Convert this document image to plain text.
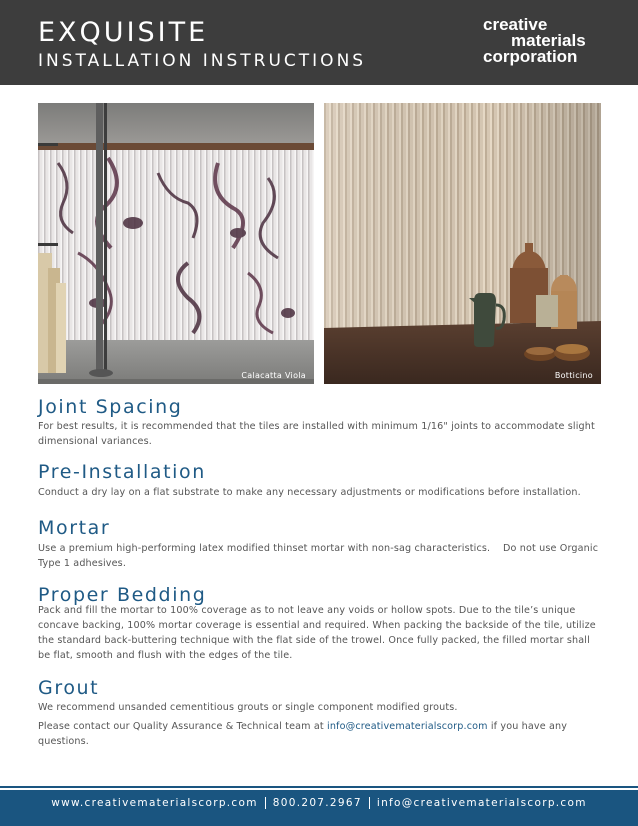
EXQUISITE
INSTALLATION INSTRUCTIONS
creative
materials
corporation
Calacatta Viola	Botticino
Joint Spacing

For best results, it is recommended that the tiles are installed with minimum 1/16" joints to accommodate slight dimensional variances.

Pre-Installation

Conduct a dry lay on a flat substrate to make any necessary adjustments or modifications before installation.

Mortar

Use a premium high-performing latex modified thinset mortar with non-sag characteristics.    Do not use Organic Type 1 adhesives.

Proper Bedding

Pack and fill the mortar to 100% coverage as to not leave any voids or hollow spots. Due to the tile’s unique concave backing, 100% mortar coverage is essential and required. When packing the backside of the tile, utilize the standard back-buttering technique with the flat side of the trowel. Once fully packed, the filled mortar shall be flat, smooth and flush with the edges of the tile.

Grout

We recommend unsanded cementitious grouts or single component modified grouts.

Please contact our Quality Assurance & Technical team at info@creativematerialscorp.com if you have any questions.

www.creativematerialscorp.com 800.207.2967 info@creativematerialscorp.com
